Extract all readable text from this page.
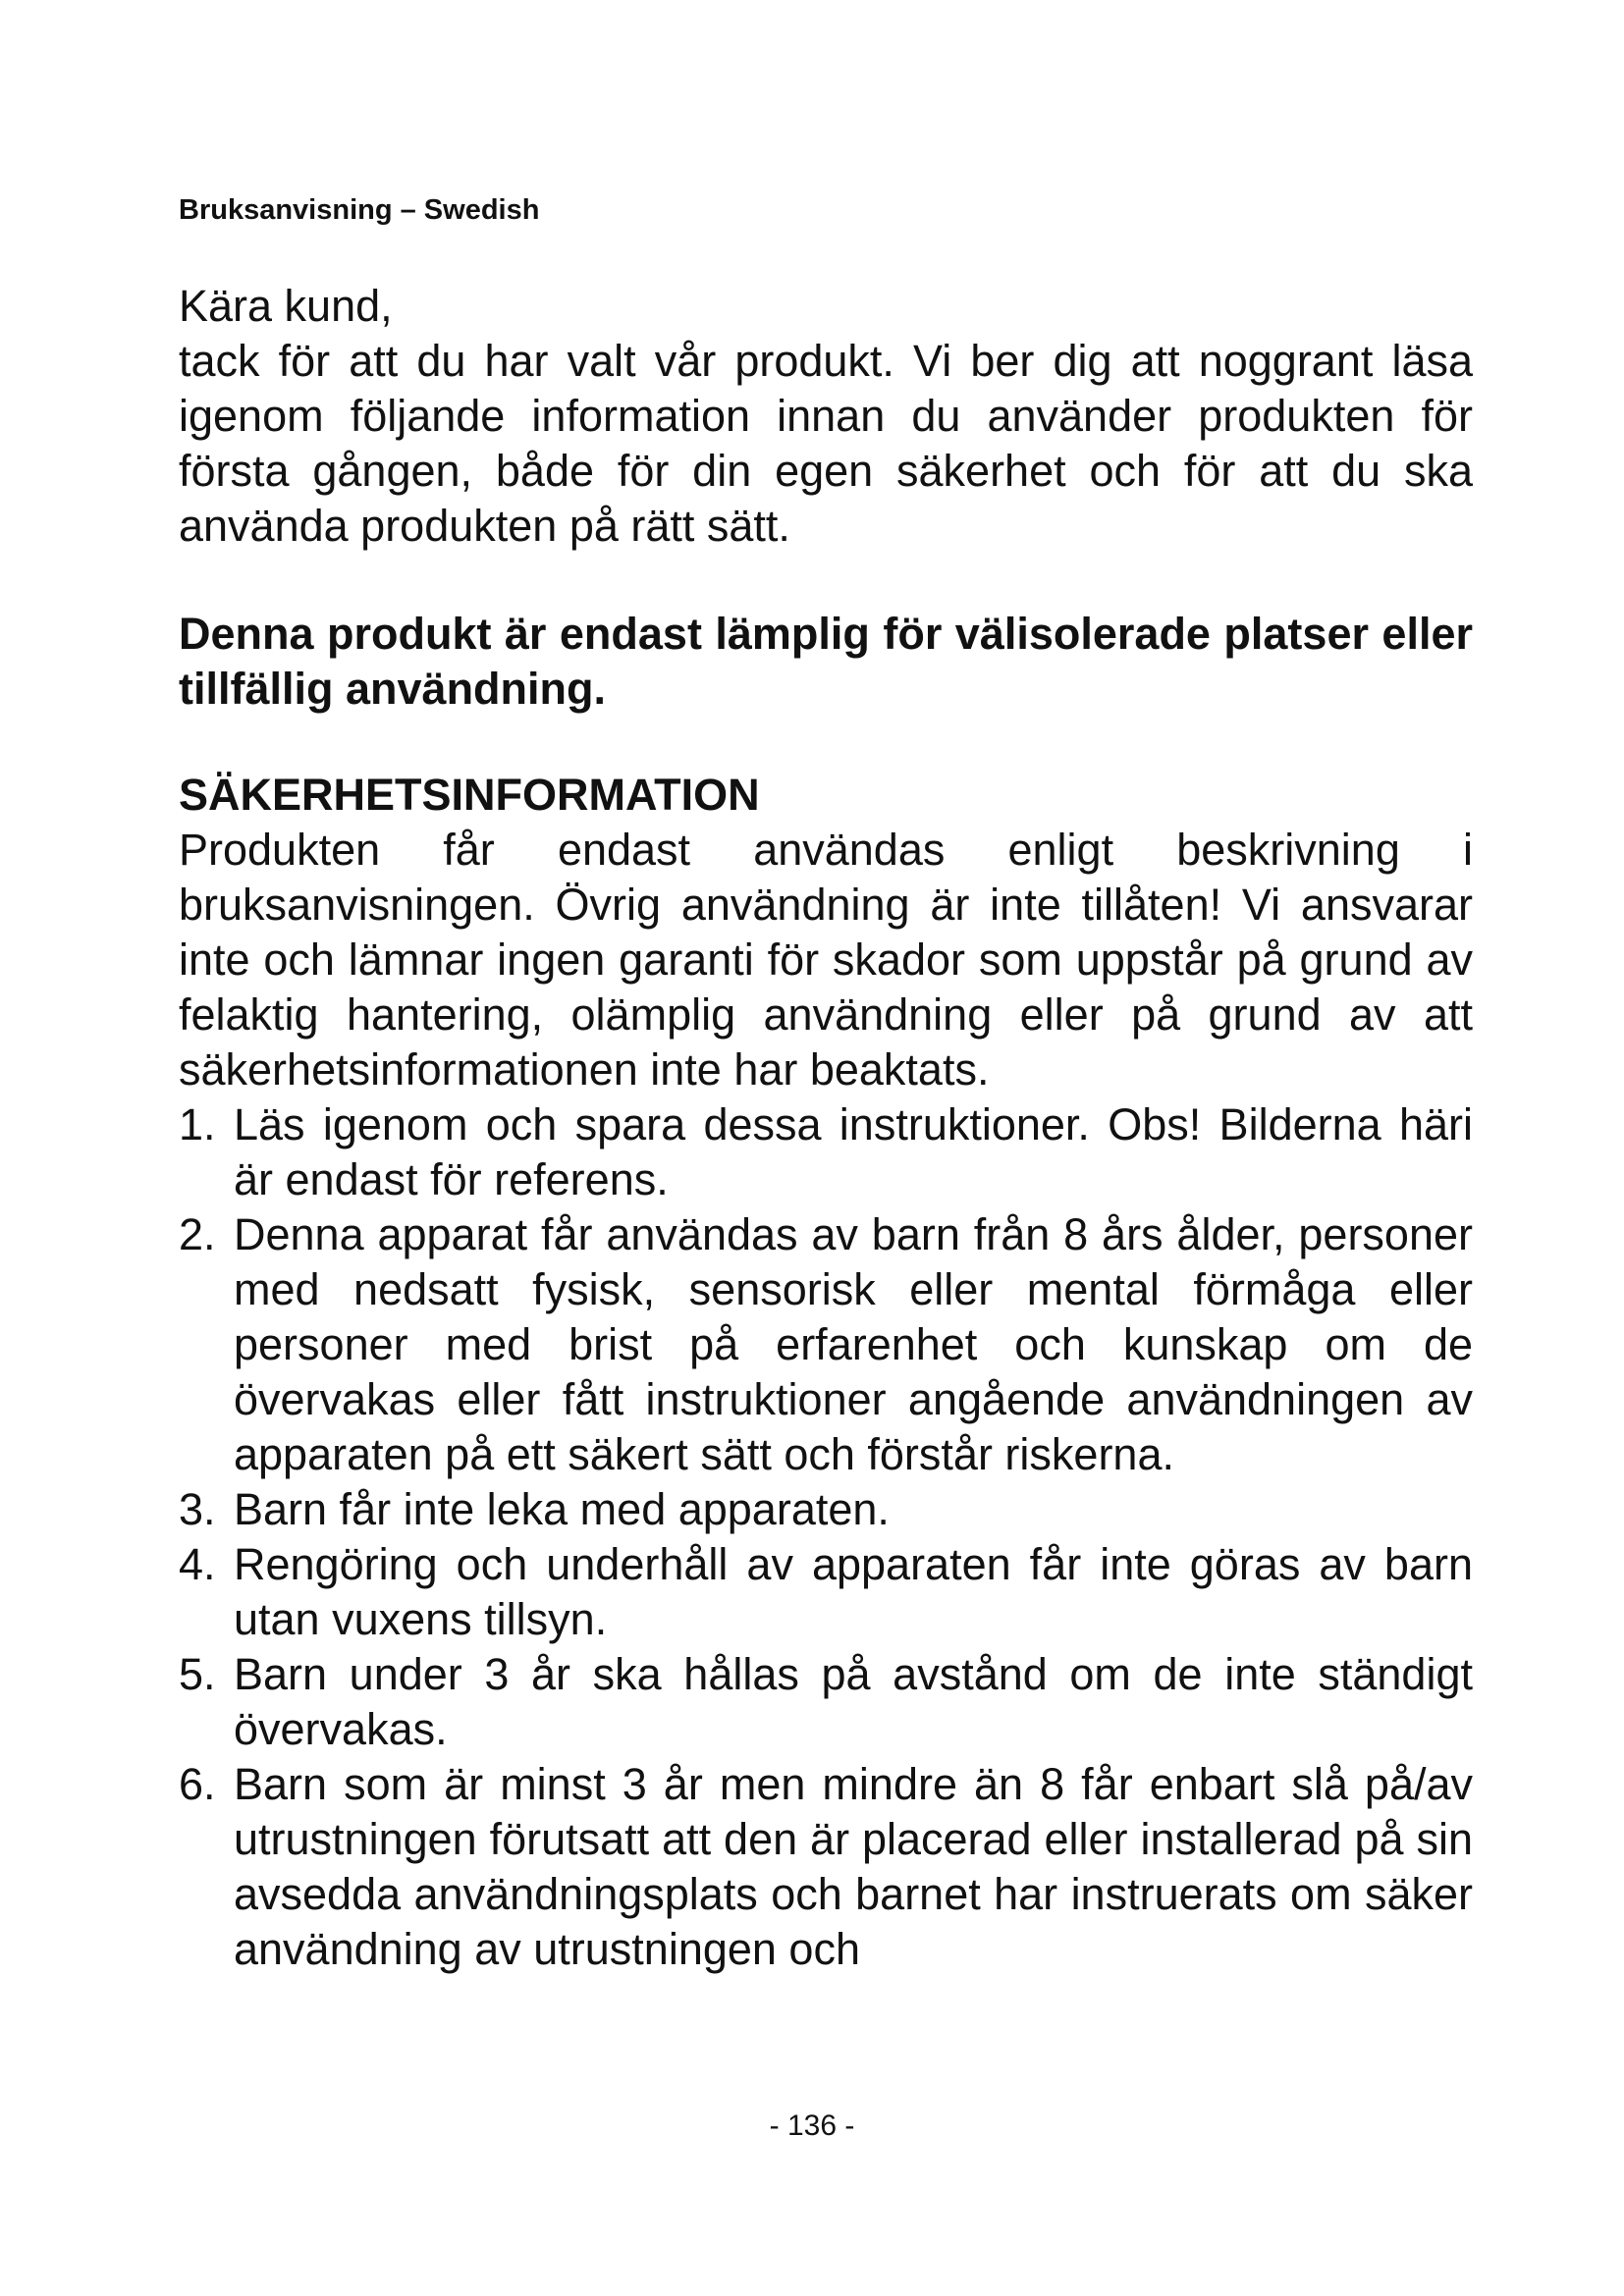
Bruksanvisning – Swedish

Kära kund,

tack för att du har valt vår produkt. Vi ber dig att noggrant läsa igenom följande information innan du använder produkten för första gången, både för din egen säkerhet och för att du ska använda produkten på rätt sätt.

Denna produkt är endast lämplig för välisolerade platser eller tillfällig användning.

SÄKERHETSINFORMATION

Produkten får endast användas enligt beskrivning i bruksanvisningen. Övrig användning är inte tillåten! Vi ansvarar inte och lämnar ingen garanti för skador som uppstår på grund av felaktig hantering, olämplig användning eller på grund av att säkerhetsinformationen inte har beaktats.

1. Läs igenom och spara dessa instruktioner. Obs! Bilderna häri är endast för referens.
2. Denna apparat får användas av barn från 8 års ålder, personer med nedsatt fysisk, sensorisk eller mental förmåga eller personer med brist på erfarenhet och kunskap om de övervakas eller fått instruktioner angående användningen av apparaten på ett säkert sätt och förstår riskerna.
3. Barn får inte leka med apparaten.
4. Rengöring och underhåll av apparaten får inte göras av barn utan vuxens tillsyn.
5. Barn under 3 år ska hållas på avstånd om de inte ständigt övervakas.
6. Barn som är minst 3 år men mindre än 8 får enbart slå på/av utrustningen förutsatt att den är placerad eller installerad på sin avsedda användningsplats och barnet har instruerats om säker användning av utrustningen och
- 136 -
